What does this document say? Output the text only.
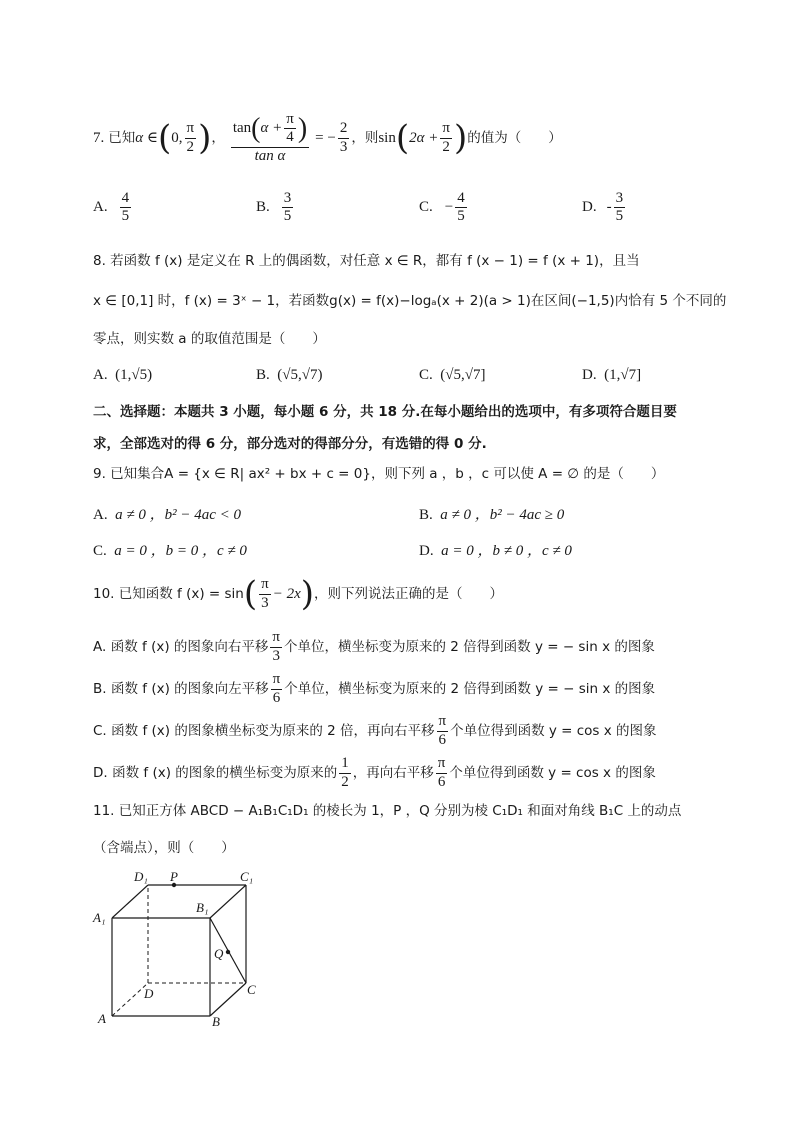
7. 已知 α ∈ ( 0, $\frac{\pi}{2}$ ) ，
tan ( $\alpha + \frac{\pi}{4}$ )
tan α
= − $\frac{2}{3}$ ，则 sin ( $2\alpha + \frac{\pi}{2}$ ) 的值为（　　）
A. $\frac{4}{5}$	B. $\frac{3}{5}$	C. − $\frac{4}{5}$	D. - $\frac{3}{5}$
8. 若函数 f (x) 是定义在 R 上的偶函数，对任意 x ∈ R，都有 f (x − 1) = f (x + 1)，且当
x ∈ [0,1] 时，f (x) = 3ˣ − 1，若函数g(x) = f(x)−logₐ(x + 2)(a > 1)在区间(−1,5)内恰有 5 个不同的
零点，则实数 a 的取值范围是（　　）
A. (1,√5)	B. (√5,√7)	C. (√5,√7]	D. (1,√7]
二、选择题：本题共 3 小题，每小题 6 分，共 18 分.在每小题给出的选项中，有多项符合题目要
求，全部选对的得 6 分，部分选对的得部分分，有选错的得 0 分.
9. 已知集合A = {x ∈ R| ax² + bx + c = 0}，则下列 a ，b ，c 可以使 A = ∅ 的是（　　）
A. a ≠ 0 ，b² − 4ac < 0	B. a ≠ 0 ，b² − 4ac ≥ 0
C. a = 0 ，b = 0 ，c ≠ 0	D. a = 0 ，b ≠ 0 ，c ≠ 0
10. 已知函数 f (x) = sin ( $\frac{\pi}{3} - 2x$ ) ，则下列说法正确的是（　　）
A.
函数 f (x) 的图象向右平移 $\frac{\pi}{3}$ 个单位，横坐标变为原来的 2 倍得到函数 y = − sin x 的图象
B.
函数 f (x) 的图象向左平移 $\frac{\pi}{6}$ 个单位，横坐标变为原来的 2 倍得到函数 y = − sin x 的图象
C.
函数 f (x) 的图象横坐标变为原来的 2 倍，再向右平移 $\frac{\pi}{6}$ 个单位得到函数 y = cos x 的图象
D.
函数 f (x) 的图象的横坐标变为原来的 $\frac{1}{2}$ ，再向右平移 $\frac{\pi}{6}$ 个单位得到函数 y = cos x 的图象
11. 已知正方体 ABCD − A₁B₁C₁D₁ 的棱长为 1，P ，Q 分别为棱 C₁D₁ 和面对角线 B₁C 上的动点
（含端点），则（　　）
D₁ P	C₁
A₁
B₁
Q
D	C
A	B
